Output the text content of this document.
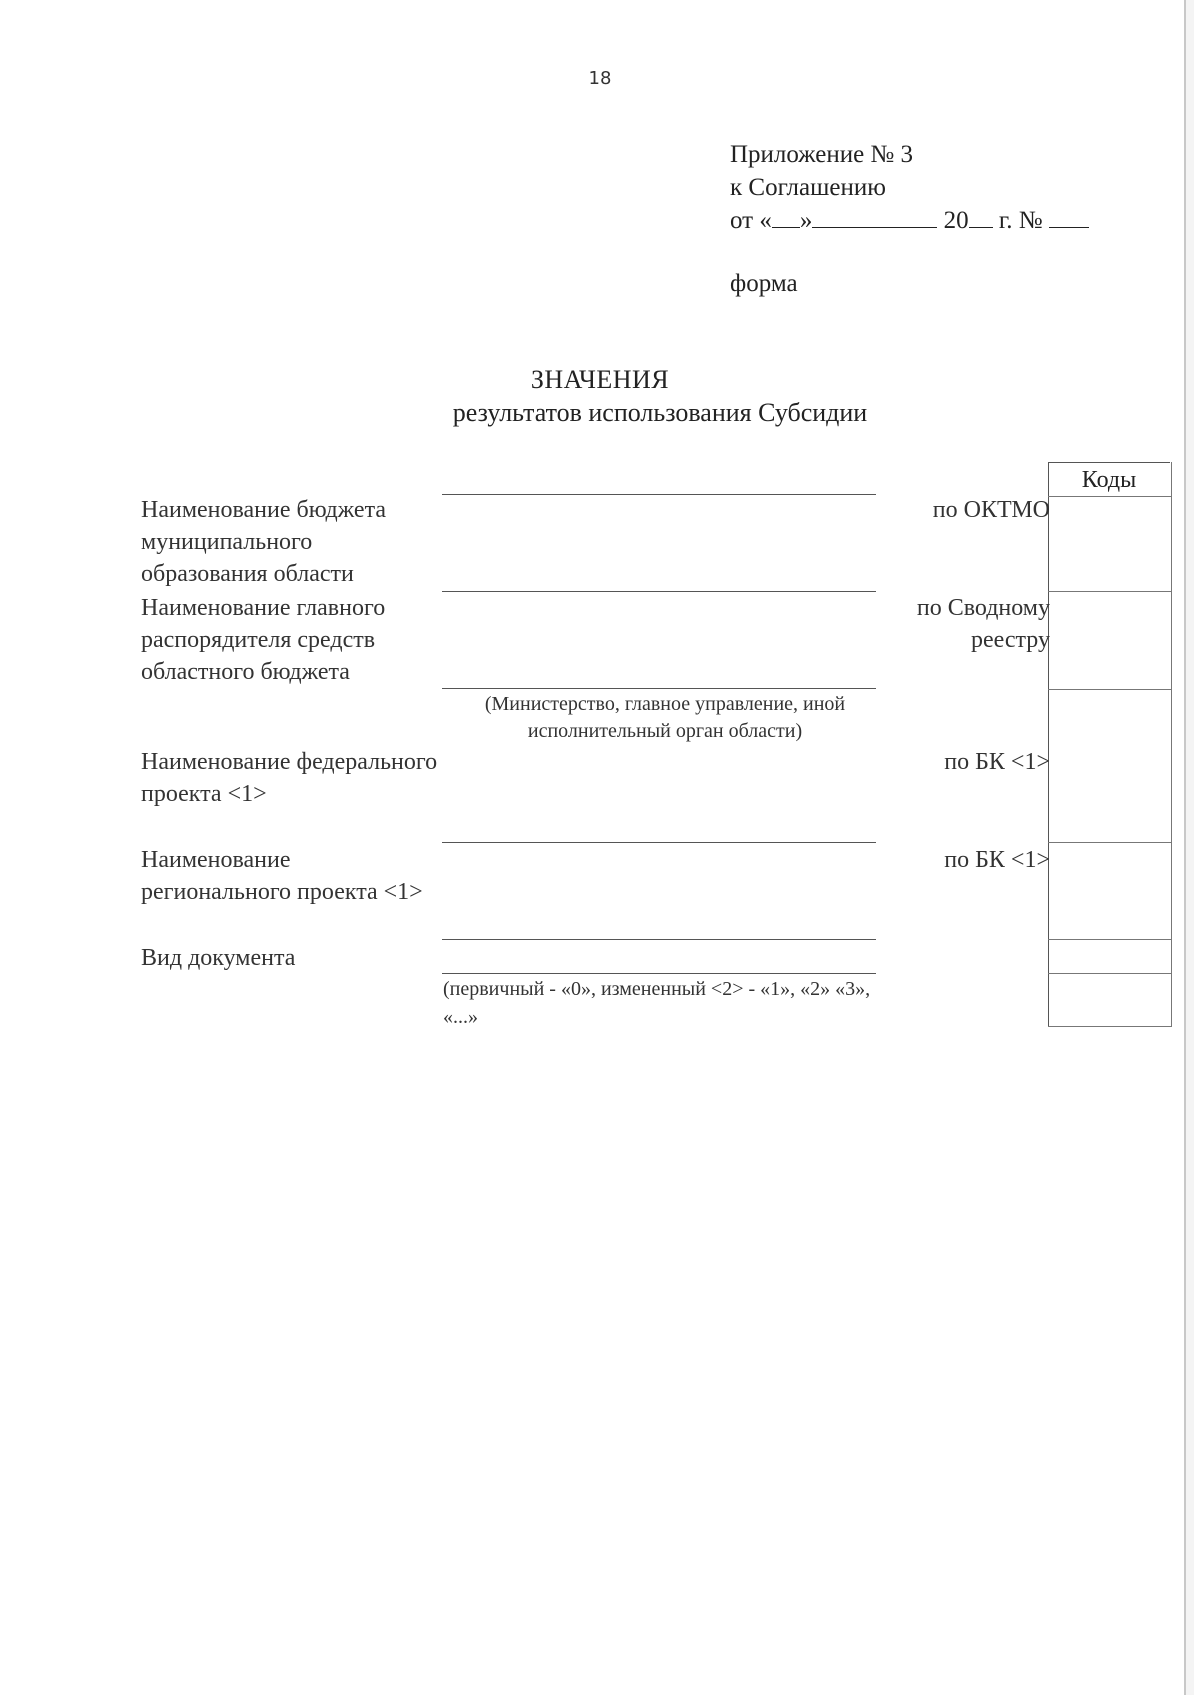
18
Приложение № 3
к Соглашению
от « »	20 г. №
форма
ЗНАЧЕНИЯ
результатов использования Субсидии
Коды
Наименование бюджета муниципального образования области
по ОКТМО
Наименование главного распорядителя средств областного бюджета
по Сводному
реестру
(Министерство, главное управление, иной исполнительный орган области)
Наименование федерального проекта <1>
по БК <1>
Наименование регионального проекта <1>
по БК <1>
Вид документа
(первичный - «0», измененный <2> - «1», «2» «3», «...»
